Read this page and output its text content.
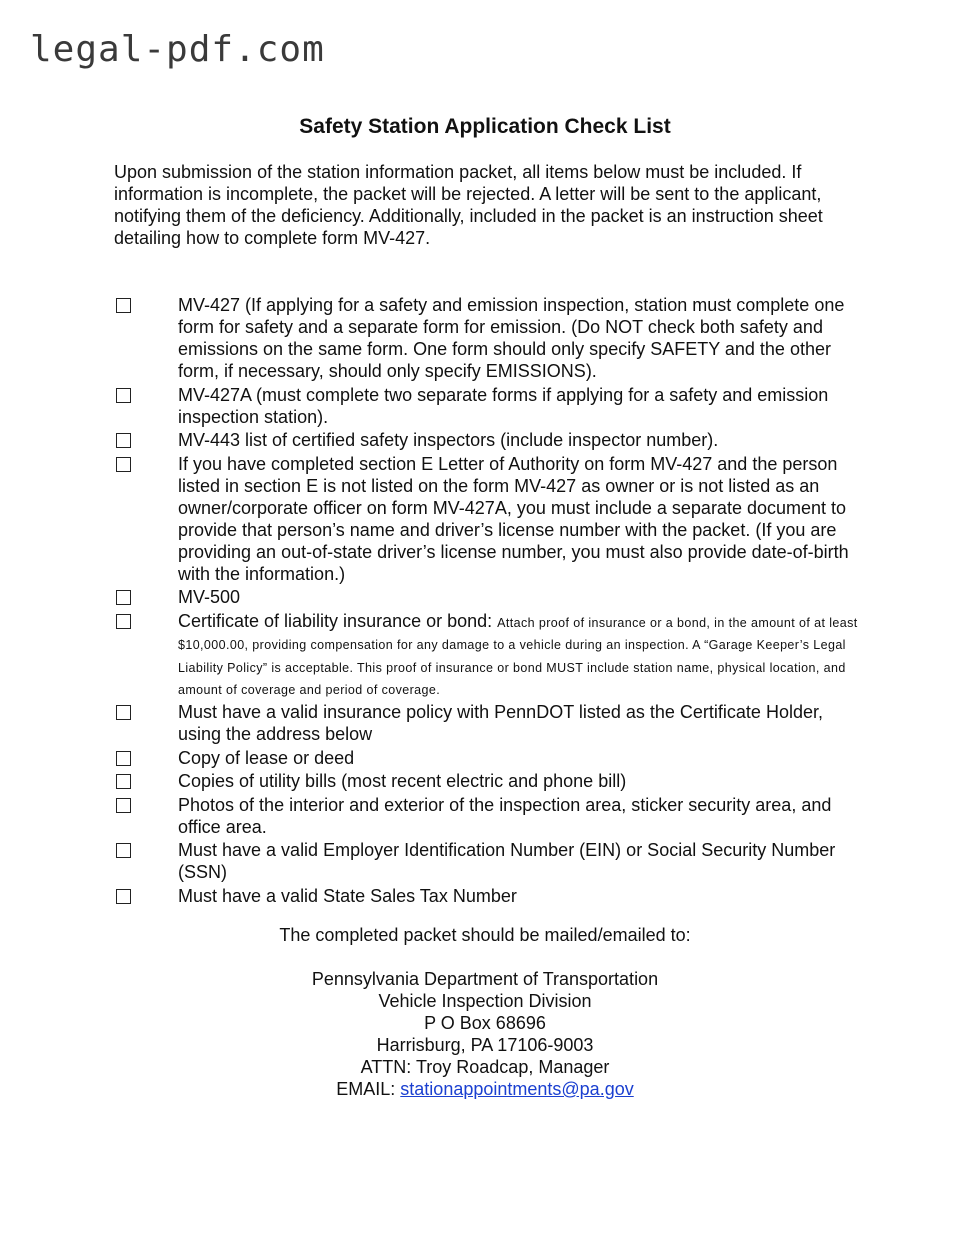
legal-pdf.com
Safety Station Application Check List
Upon submission of the station information packet, all items below must be included. If information is incomplete, the packet will be rejected. A letter will be sent to the applicant, notifying them of the deficiency. Additionally, included in the packet is an instruction sheet detailing how to complete form MV-427.
MV-427 (If applying for a safety and emission inspection, station must complete one form for safety and a separate form for emission. (Do NOT check both safety and emissions on the same form. One form should only specify SAFETY and the other form, if necessary, should only specify EMISSIONS).
MV-427A (must complete two separate forms if applying for a safety and emission inspection station).
MV-443 list of certified safety inspectors (include inspector number).
If you have completed section E Letter of Authority on form MV-427 and the person listed in section E is not listed on the form MV-427 as owner or is not listed as an owner/corporate officer on form MV-427A, you must include a separate document to provide that person’s name and driver’s license number with the packet. (If you are providing an out-of-state driver’s license number, you must also provide date-of-birth with the information.)
MV-500
Certificate of liability insurance or bond: Attach proof of insurance or a bond, in the amount of at least $10,000.00, providing compensation for any damage to a vehicle during an inspection. A “Garage Keeper’s Legal Liability Policy” is acceptable. This proof of insurance or bond MUST include station name, physical location, and amount of coverage and period of coverage.
Must have a valid insurance policy with PennDOT listed as the Certificate Holder, using the address below
Copy of lease or deed
Copies of utility bills (most recent electric and phone bill)
Photos of the interior and exterior of the inspection area, sticker security area, and office area.
Must have a valid Employer Identification Number (EIN) or Social Security Number (SSN)
Must have a valid State Sales Tax Number
The completed packet should be mailed/emailed to:
Pennsylvania Department of Transportation
Vehicle Inspection Division
P O Box 68696
Harrisburg, PA 17106-9003
ATTN: Troy Roadcap, Manager
EMAIL: stationappointments@pa.gov
